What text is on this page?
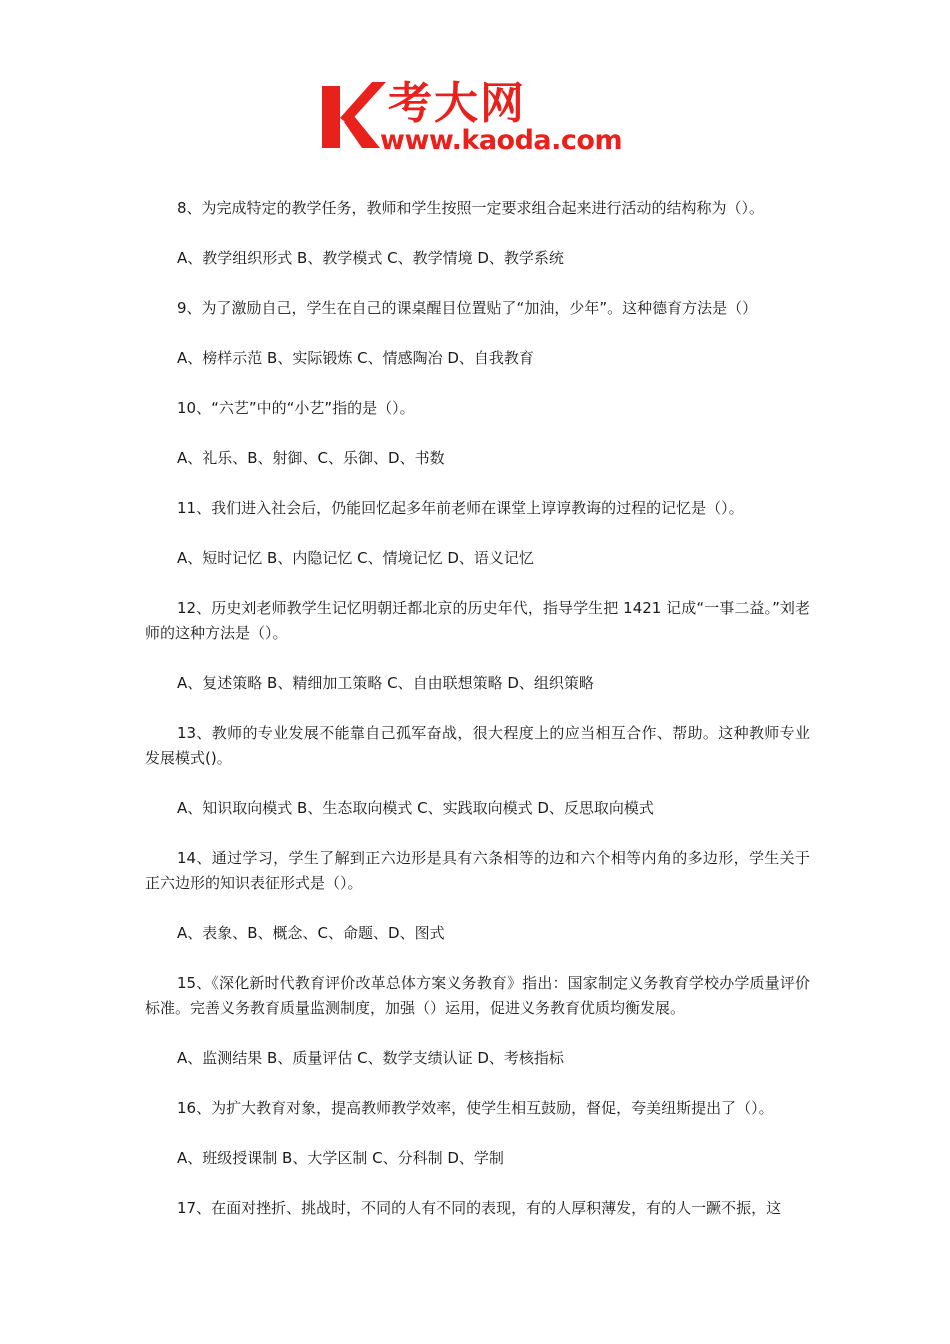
考大网
www.kaoda.com

8、为完成特定的教学任务，教师和学生按照一定要求组合起来进行活动的结构称为（）。

A、教学组织形式 B、教学模式 C、教学情境 D、教学系统

9、为了激励自己，学生在自己的课桌醒目位置贴了“加油，少年”。这种德育方法是（）

A、榜样示范 B、实际锻炼 C、情感陶冶 D、自我教育

10、“六艺”中的“小艺”指的是（）。

A、礼乐、B、射御、C、乐御、D、书数

11、我们进入社会后，仍能回忆起多年前老师在课堂上谆谆教诲的过程的记忆是（）。

A、短时记忆 B、内隐记忆 C、情境记忆 D、语义记忆

12、历史刘老师教学生记忆明朝迁都北京的历史年代，指导学生把 1421 记成“一事二益。”刘老师的这种方法是（）。

A、复述策略 B、精细加工策略 C、自由联想策略 D、组织策略

13、教师的专业发展不能靠自己孤军奋战，很大程度上的应当相互合作、帮助。这种教师专业发展模式()。

A、知识取向模式 B、生态取向模式 C、实践取向模式 D、反思取向模式

14、通过学习，学生了解到正六边形是具有六条相等的边和六个相等内角的多边形，学生关于正六边形的知识表征形式是（）。

A、表象、B、概念、C、命题、D、图式

15、《深化新时代教育评价改革总体方案义务教育》指出：国家制定义务教育学校办学质量评价标准。完善义务教育质量监测制度，加强（）运用，促进义务教育优质均衡发展。

A、监测结果 B、质量评估 C、数学支绩认证 D、考核指标

16、为扩大教育对象，提高教师教学效率，使学生相互鼓励，督促，夸美纽斯提出了（）。

A、班级授课制 B、大学区制 C、分科制 D、学制

17、在面对挫折、挑战时，不同的人有不同的表现，有的人厚积薄发，有的人一蹶不振，这
